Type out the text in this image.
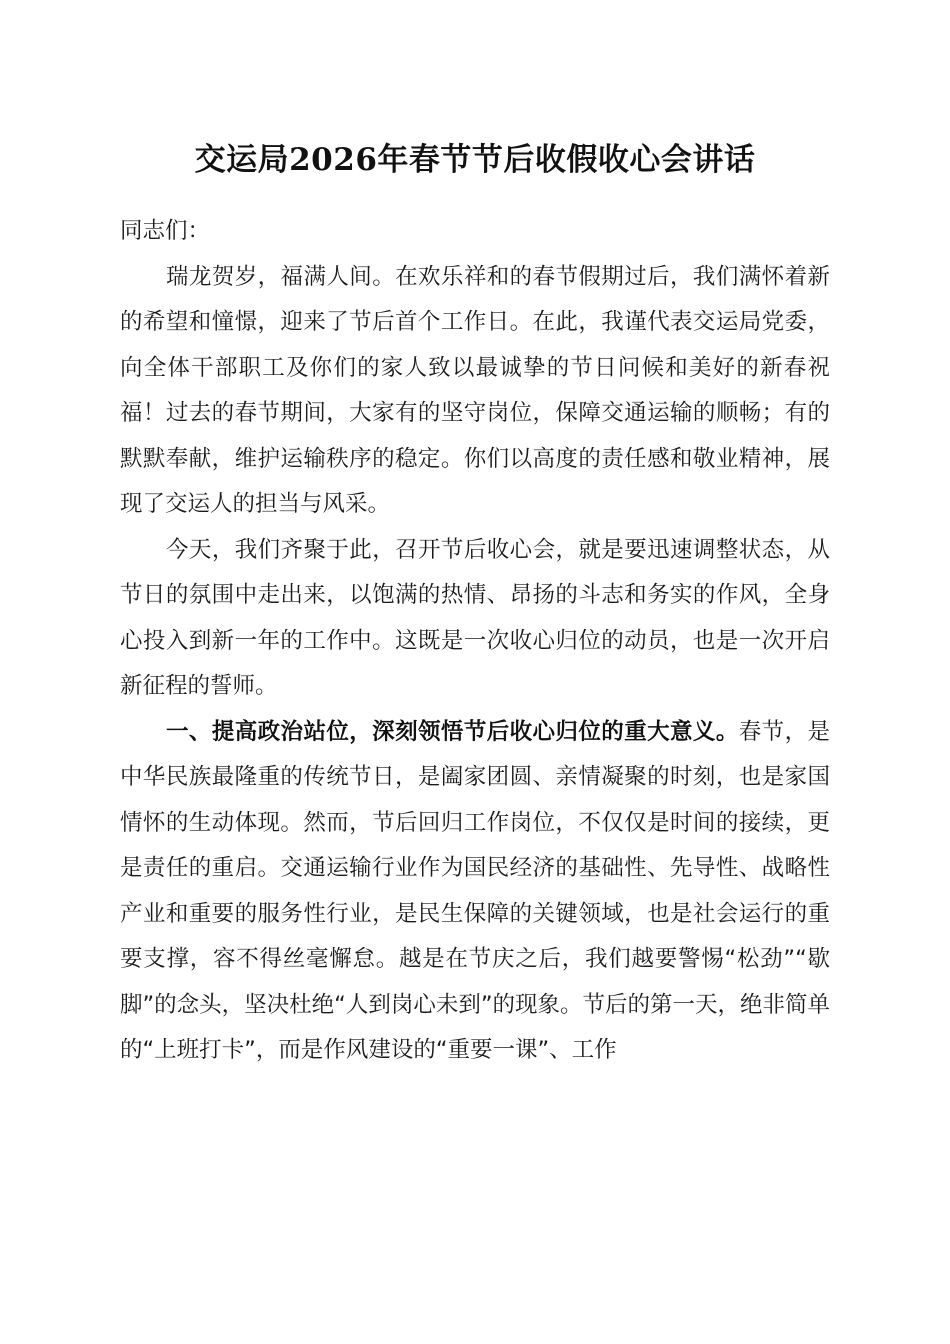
交运局2026年春节节后收假收心会讲话

同志们：

瑞龙贺岁，福满人间。在欢乐祥和的春节假期过后，我们满怀着新的希望和憧憬，迎来了节后首个工作日。在此，我谨代表交运局党委，向全体干部职工及你们的家人致以最诚挚的节日问候和美好的新春祝福！过去的春节期间，大家有的坚守岗位，保障交通运输的顺畅；有的默默奉献，维护运输秩序的稳定。你们以高度的责任感和敬业精神，展现了交运人的担当与风采。

今天，我们齐聚于此，召开节后收心会，就是要迅速调整状态，从节日的氛围中走出来，以饱满的热情、昂扬的斗志和务实的作风，全身心投入到新一年的工作中。这既是一次收心归位的动员，也是一次开启新征程的誓师。

一、提高政治站位，深刻领悟节后收心归位的重大意义。春节，是中华民族最隆重的传统节日，是阖家团圆、亲情凝聚的时刻，也是家国情怀的生动体现。然而，节后回归工作岗位，不仅仅是时间的接续，更是责任的重启。交通运输行业作为国民经济的基础性、先导性、战略性产业和重要的服务性行业，是民生保障的关键领域，也是社会运行的重要支撑，容不得丝毫懈怠。越是在节庆之后，我们越要警惕“松劲”“歇脚”的念头，坚决杜绝“人到岗心未到”的现象。节后的第一天，绝非简单的“上班打卡”，而是作风建设的“重要一课”、工作
